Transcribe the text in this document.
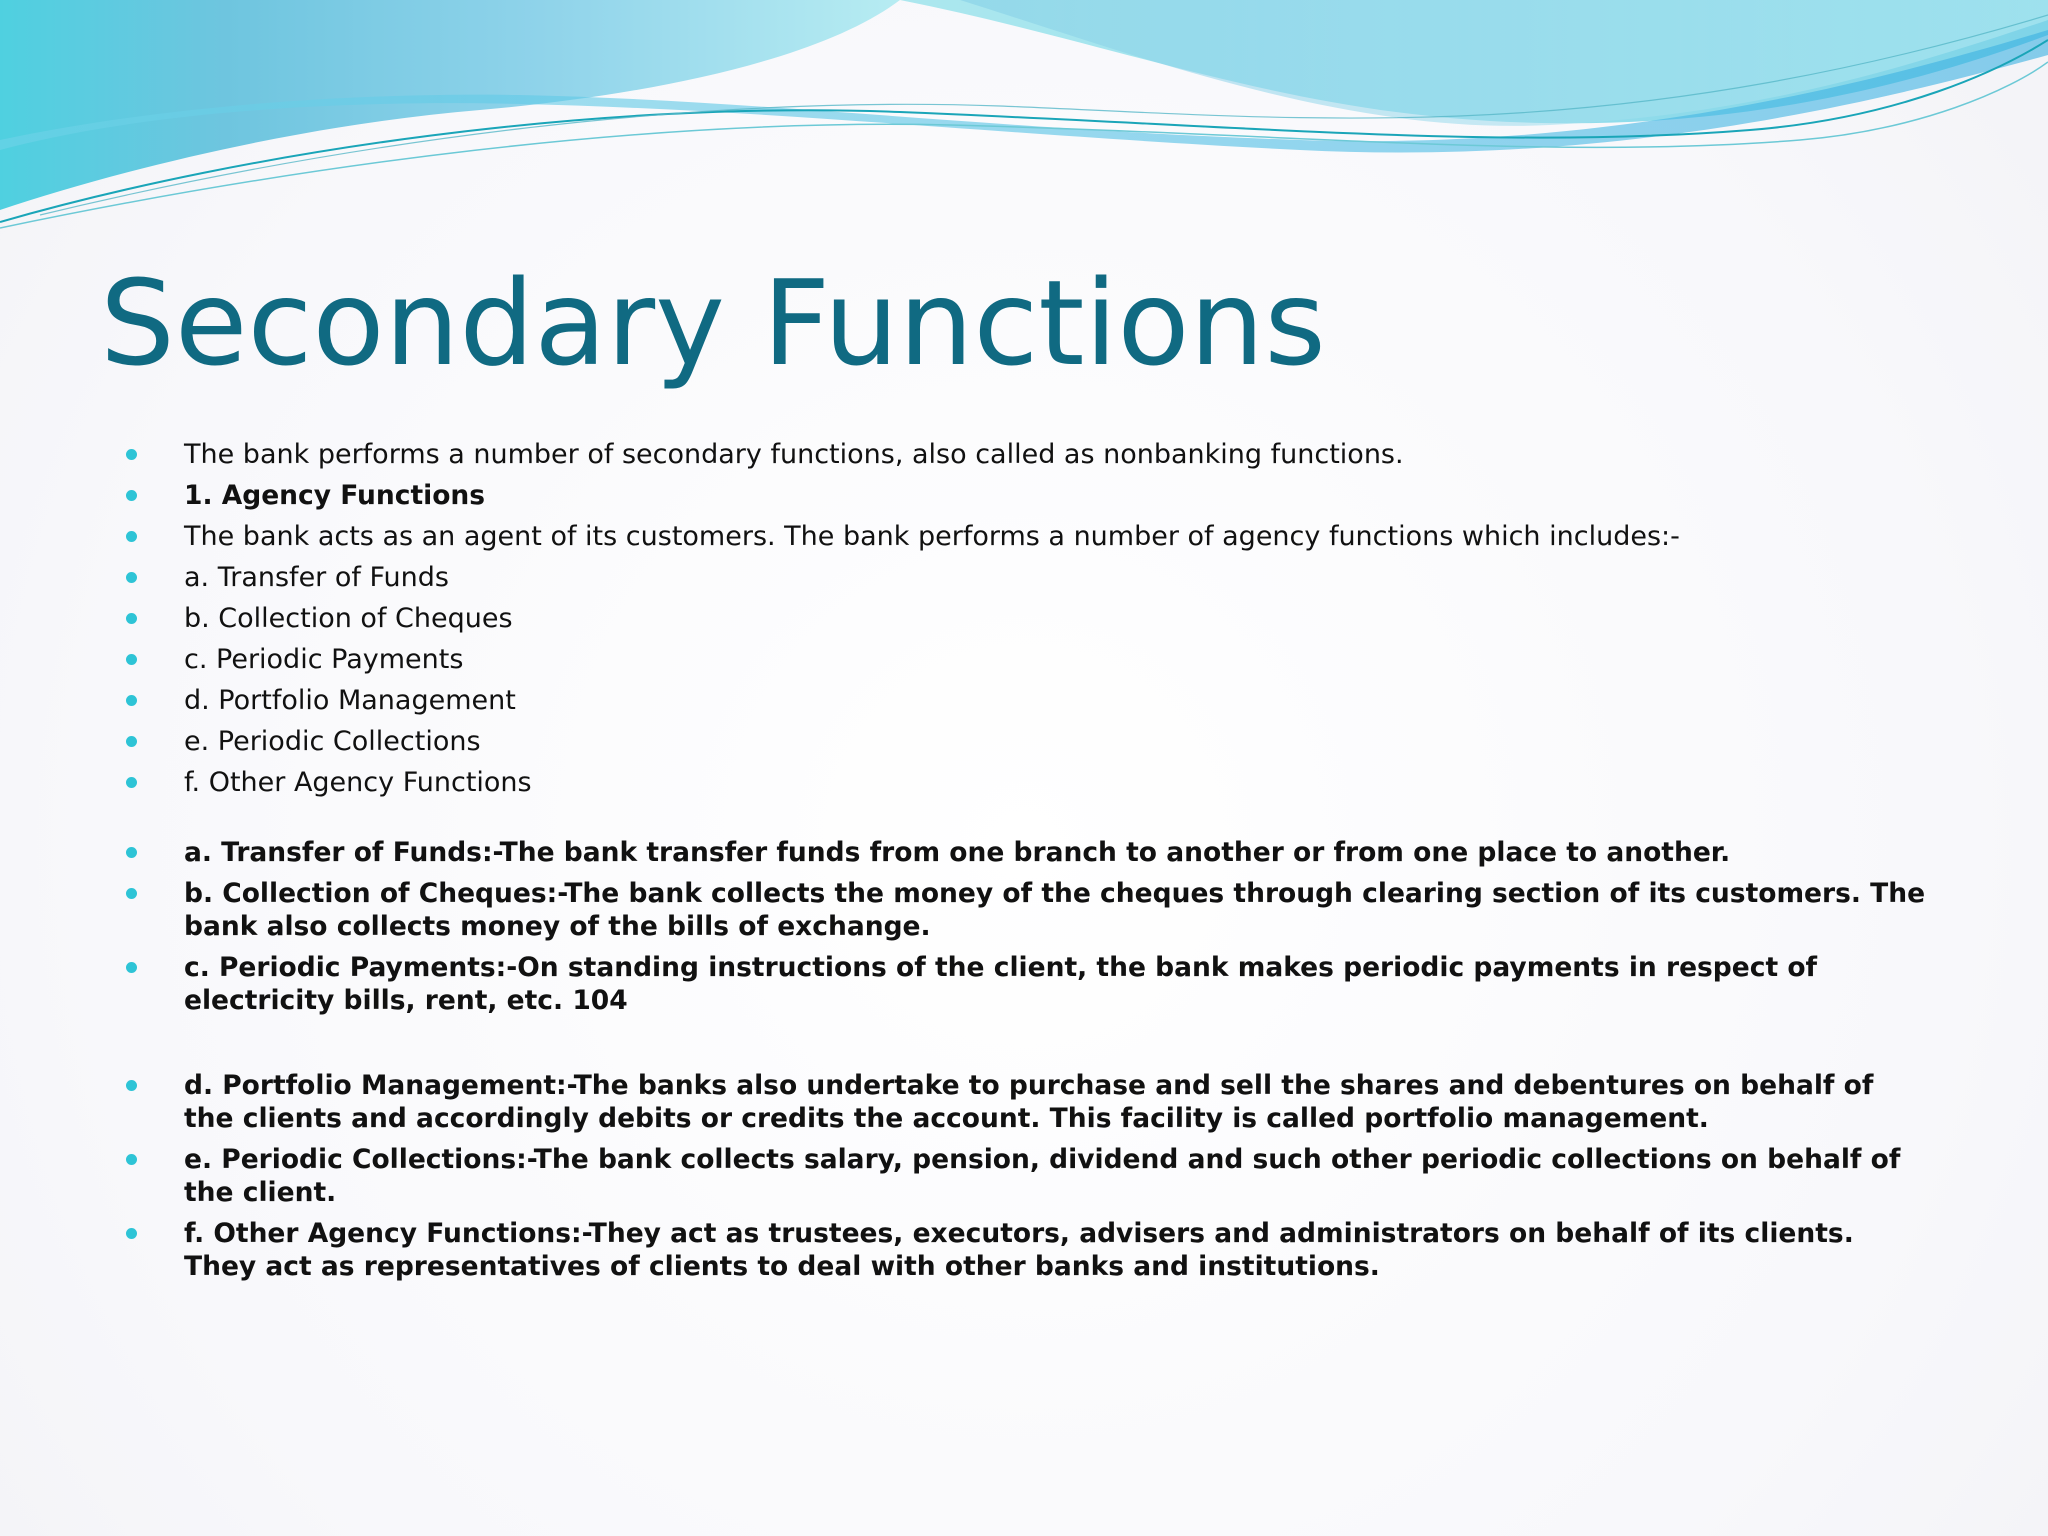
Secondary Functions
The bank performs a number of secondary functions, also called as nonbanking functions.
1. Agency Functions
The bank acts as an agent of its customers. The bank performs a number of agency functions which includes:-
a. Transfer of Funds
b. Collection of Cheques
c. Periodic Payments
d. Portfolio Management
e. Periodic Collections
f. Other Agency Functions
a. Transfer of Funds:-The bank transfer funds from one branch to another or from one place to another.
b. Collection of Cheques:-The bank collects the money of the cheques through clearing section of its customers. The bank also collects money of the bills of exchange.
c. Periodic Payments:-On standing instructions of the client, the bank makes periodic payments in respect of electricity bills, rent, etc. 104
d. Portfolio Management:-The banks also undertake to purchase and sell the shares and debentures on behalf of the clients and accordingly debits or credits the account. This facility is called portfolio management.
e. Periodic Collections:-The bank collects salary, pension, dividend and such other periodic collections on behalf of the client.
f. Other Agency Functions:-They act as trustees, executors, advisers and administrators on behalf of its clients. They act as representatives of clients to deal with other banks and institutions.
